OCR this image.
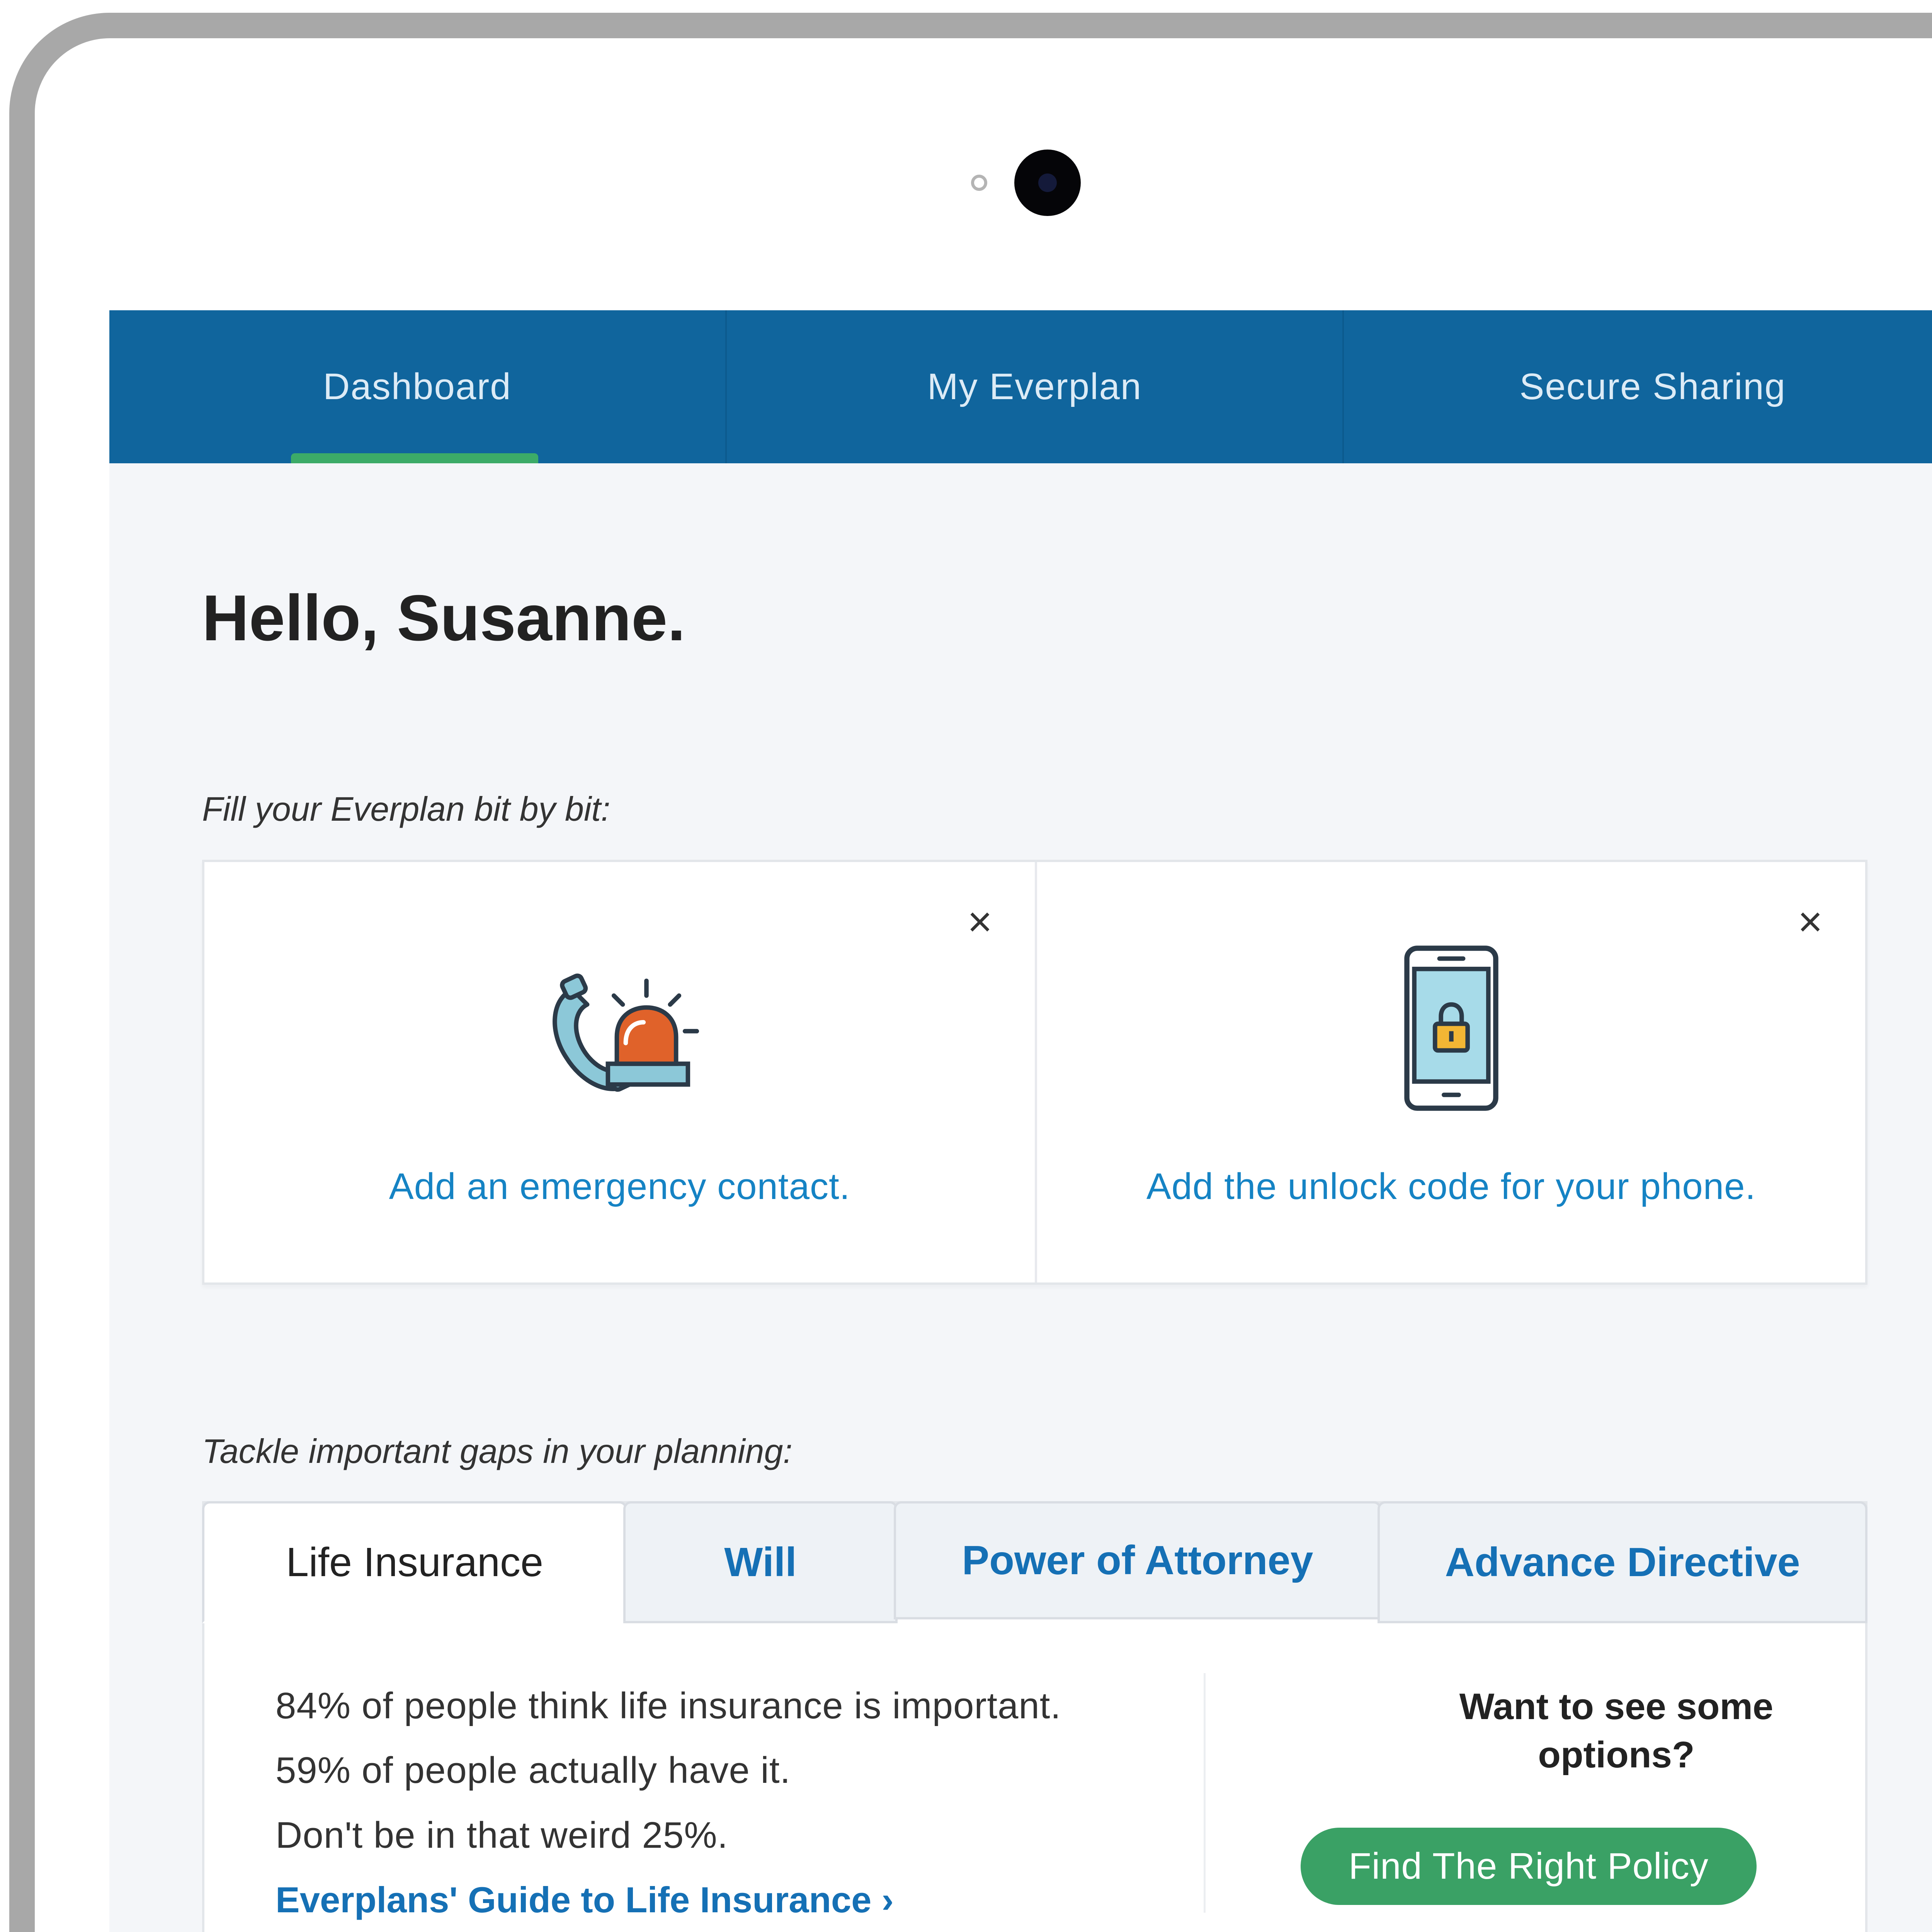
Dashboard	My Everplan	Secure Sharing
Hello, Susanne.
Fill your Everplan bit by bit:
×
Add an emergency contact.
×
Add the unlock code for your phone.
Tackle important gaps in your planning:
Life Insurance	Will	Power of Attorney	Advance Directive
84% of people think life insurance is important.
59% of people actually have it.
Don't be in that weird 25%.
Everplans' Guide to Life Insurance ›
Want to see some
options?
Find The Right Policy
